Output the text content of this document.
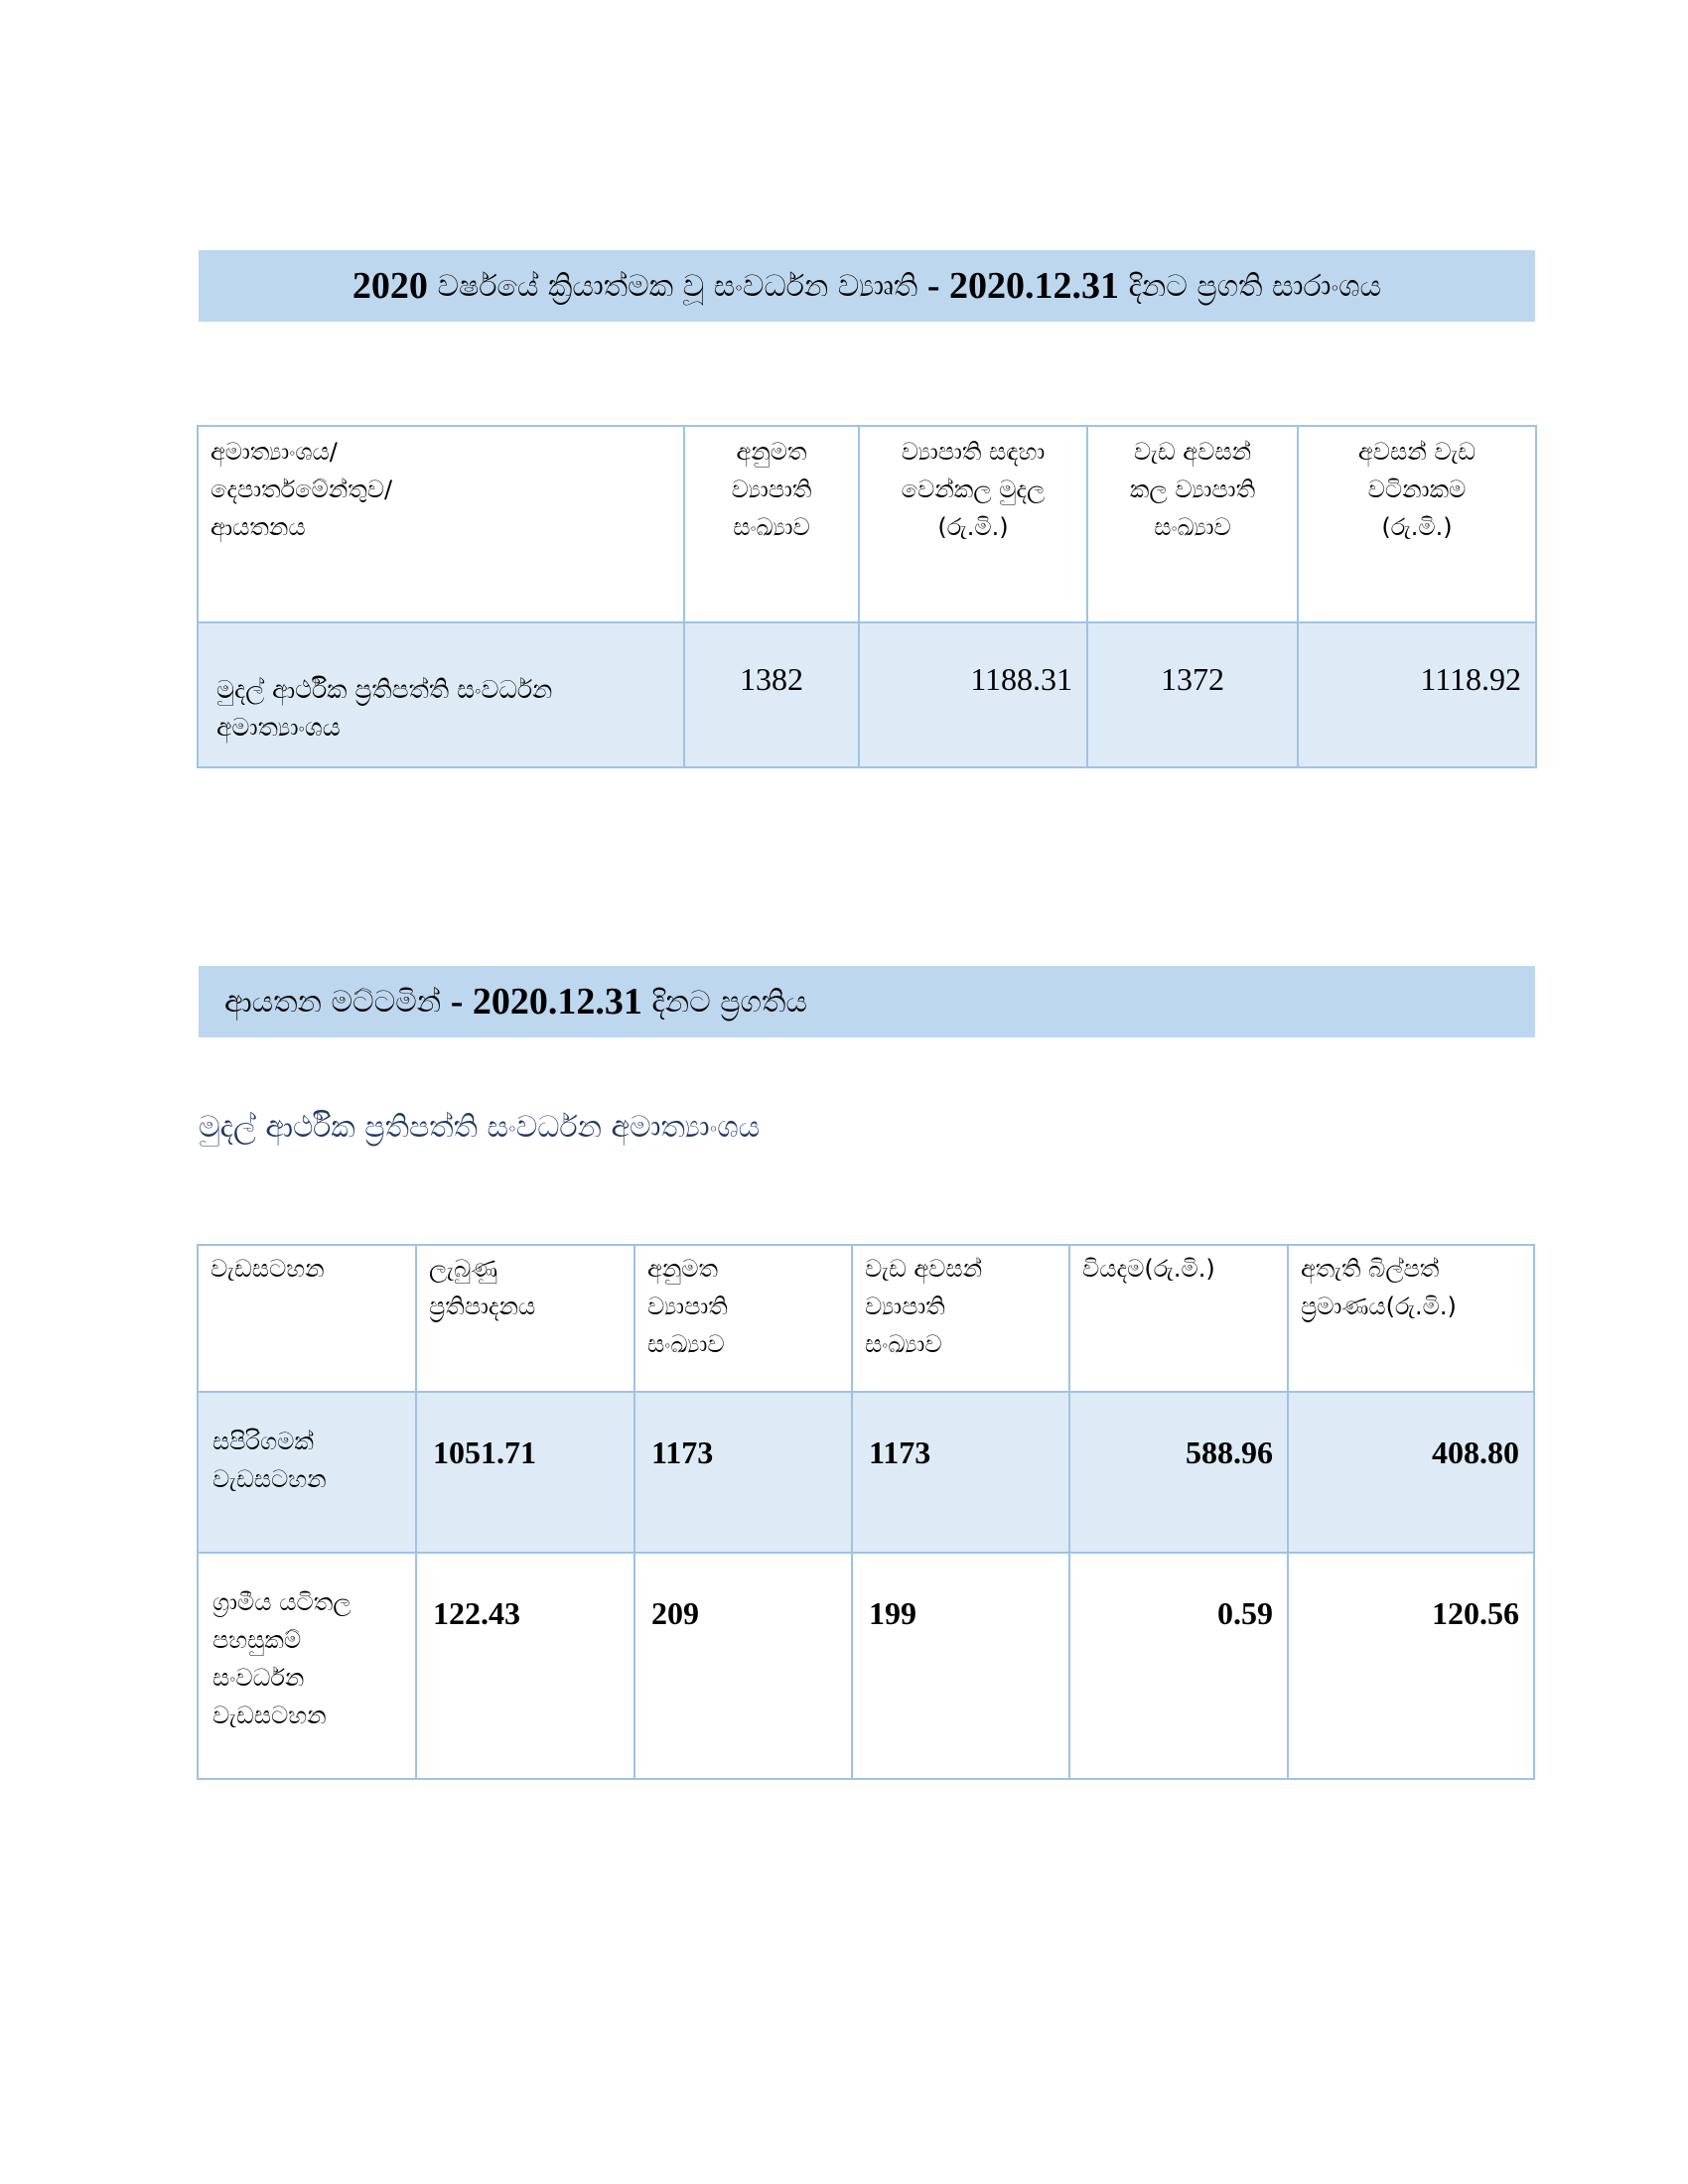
2020
වර්ෂයේ ක්‍රියාත්මක වූ සංවර්ධන ව්‍යාෘති
-
2020.12.31
දිනට ප්‍රගති සාරාංශය
අමාත්‍යාංශය/
දෙපාර්තමේන්තුව/
ආයතනය	අනුමත
ව්‍යාපාති
සංඛ්‍යාව	ව්‍යාපාති සඳහා
වෙන්කල මුදල
(රු.මි.)	වැඩ අවසන්
කල ව්‍යාපාති
සංඛ්‍යාව	අවසන් වැඩ
වටිනාකම
(රු.මි.)
මුදල් ආර්ථික ප්‍රතිපත්ති සංවර්ධන
අමාත්‍යාංශය	1382	1188.31	1372	1118.92
ආයතන මට්ටමින්
-
2020.12.31
දිනට ප්‍රගතිය
මුදල් ආර්ථික ප්‍රතිපත්ති සංවර්ධන අමාත්‍යාංශය
වැඩසටහන	ලැබුණු
ප්‍රතිපාදනය	අනුමත
ව්‍යාපාති
සංඛ්‍යාව	වැඩ අවසන්
ව්‍යාපාති
සංඛ්‍යාව	වියදම(රු.මි.)	අතැති බිල්පත්
ප්‍රමාණය(රු.මි.)
සපිරිගමක්
වැඩසටහන	1051.71	1173	1173	588.96	408.80
ග්‍රාමීය යටිතල
පහසුකම්
සංවර්ධන
වැඩසටහන	122.43	209	199	0.59	120.56
